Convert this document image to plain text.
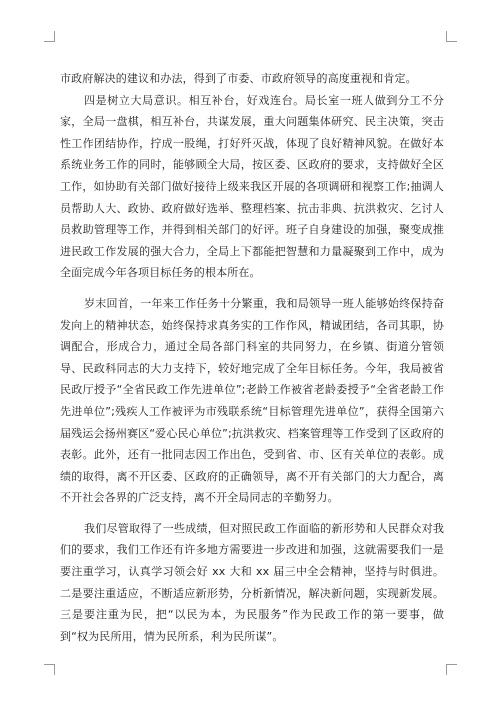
市政府解决的建议和办法，得到了市委、市政府领导的高度重视和肯定。

四是树立大局意识。相互补台，好戏连台。局长室一班人做到分工不分家，全局一盘棋，相互补台，共谋发展，重大问题集体研究、民主决策，突击性工作团结协作，拧成一股绳，打好歼灭战，体现了良好精神风貌。在做好本系统业务工作的同时，能够顾全大局，按区委、区政府的要求，支持做好全区工作，如协助有关部门做好接待上级来我区开展的各项调研和视察工作;抽调人员帮助人大、政协、政府做好选举、整理档案、抗击非典、抗洪救灾、乞讨人员救助管理等工作，并得到相关部门的好评。班子自身建设的加强，聚变成推进民政工作发展的强大合力，全局上下都能把智慧和力量凝聚到工作中，成为全面完成今年各项目标任务的根本所在。

岁末回首，一年来工作任务十分繁重，我和局领导一班人能够始终保持奋发向上的精神状态，始终保持求真务实的工作作风，精诚团结，各司其职，协调配合，形成合力，通过全局各部门科室的共同努力，在乡镇、街道分管领导、民政科同志的大力支持下，较好地完成了全年目标任务。今年，我局被省民政厅授予“全省民政工作先进单位”;老龄工作被省老龄委授予“全省老龄工作先进单位”;残疾人工作被评为市残联系统“目标管理先进单位”，获得全国第六届残运会扬州赛区“爱心民心单位”;抗洪救灾、档案管理等工作受到了区政府的表彰。此外，还有一批同志因工作出色，受到省、市、区有关单位的表彰。成绩的取得，离不开区委、区政府的正确领导，离不开有关部门的大力配合，离不开社会各界的广泛支持，离不开全局同志的辛勤努力。

我们尽管取得了一些成绩，但对照民政工作面临的新形势和人民群众对我们的要求，我们工作还有许多地方需要进一步改进和加强，这就需要我们一是要注重学习，认真学习领会好 xx 大和 xx 届三中全会精神，坚持与时俱进。二是要注重适应，不断适应新形势，分析新情况，解决新问题，实现新发展。三是要注重为民，把“以民为本，为民服务”作为民政工作的第一要事，做到“权为民所用，情为民所系，利为民所谋”。
